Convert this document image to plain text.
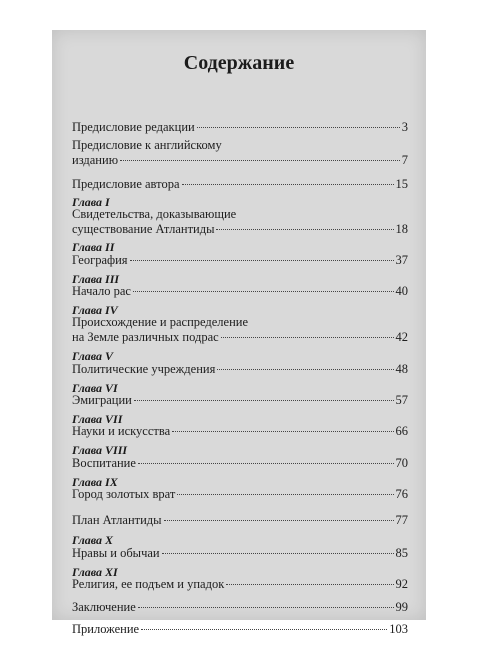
Содержание
Предисловие редакции	3
Предисловие к английскому
изданию	7
Предисловие автора	15
Глава I
Свидетельства, доказывающие
существование Атлантиды	18
Глава II
География	37
Глава III
Начало рас	40
Глава IV
Происхождение и распределение
на Земле различных подрас	42
Глава V
Политические учреждения	48
Глава VI
Эмиграции	57
Глава VII
Науки и искусства	66
Глава VIII
Воспитание	70
Глава IX
Город золотых врат	76
План Атлантиды	77
Глава X
Нравы и обычаи	85
Глава XI
Религия, ее подъем и упадок	92
Заключение	99
Приложение	103
